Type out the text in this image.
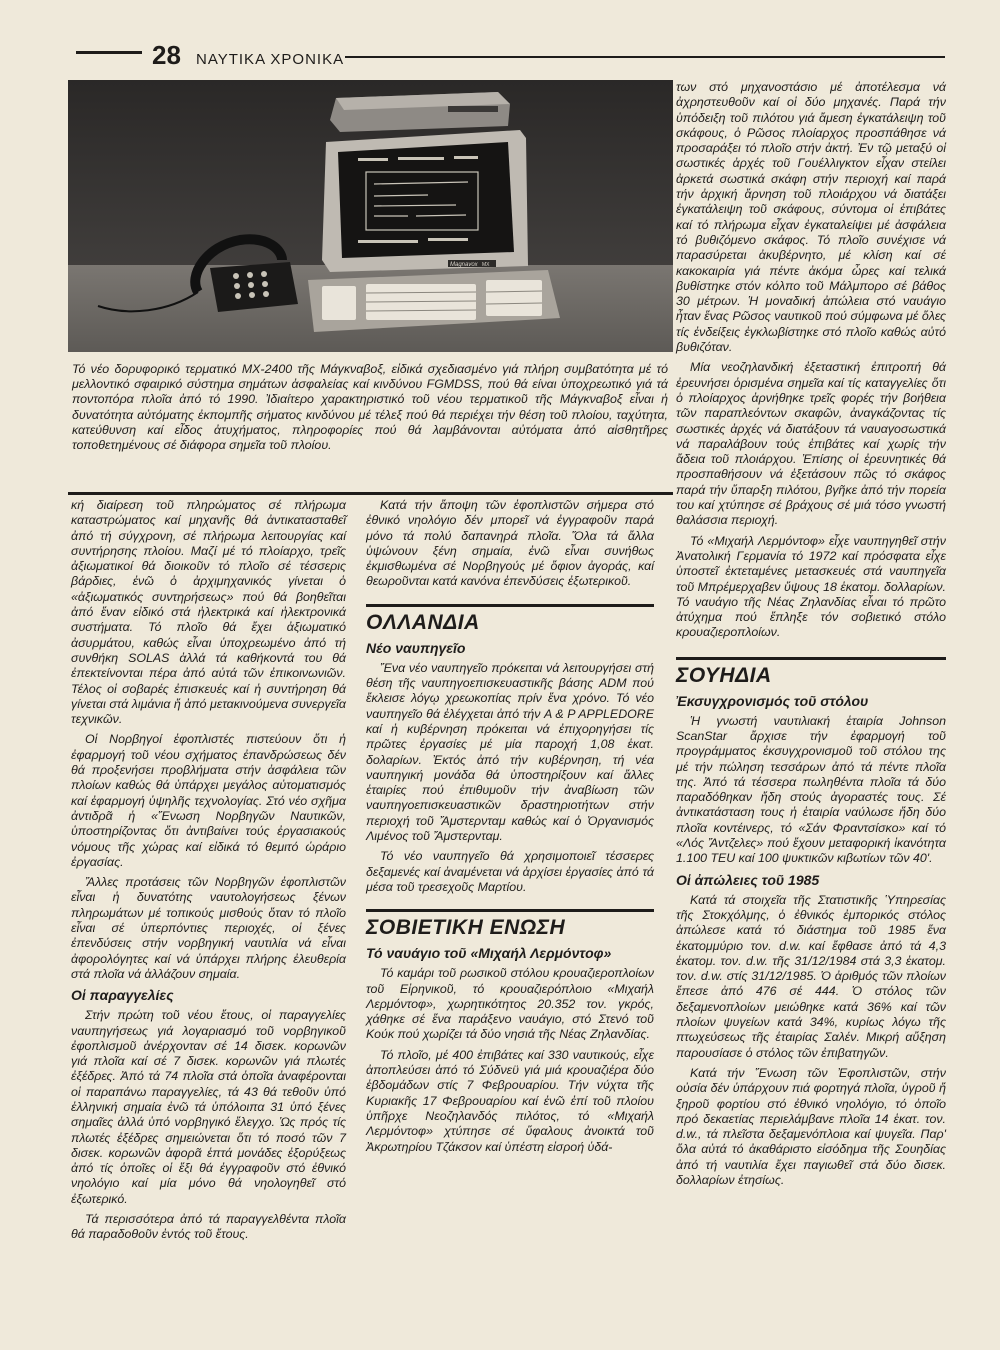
28 ΝΑΥΤΙΚΑ ΧΡΟΝΙΚΑ
Magnavox MX
Τό νέο δορυφορικό τερματικό MX-2400 τῆς Μάγκναβοξ, εἰδικά σχεδιασμένο γιά πλήρη συμβατότητα μέ τό μελλοντικό σφαιρικό σύστημα σημάτων ἀσφαλείας καί κινδύνου FGMDSS, πού θά είναι ὑποχρεωτικό γιά τά ποντοπόρα πλοῖα ἀπό τό 1990. Ἰδιαίτερο χαρακτηριστικό τοῦ νέου τερματικοῦ τῆς Μάγκναβοξ εἶναι ἡ δυνατότητα αὐτόματης ἐκπομπῆς σήματος κινδύνου μέ τέλεξ πού θά περιέχει τήν θέση τοῦ πλοίου, ταχύτητα, κατεύθυνση καί εἶδος ἀτυχήματος, πληροφορίες πού θά λαμβάνονται αὐτόματα ἀπό αἰσθητῆρες τοποθετημένους σέ διάφορα σημεῖα τοῦ πλοίου.

κή διαίρεση τοῦ πληρώματος σέ πλήρωμα καταστρώματος καί μηχανῆς θά ἀντικατασταθεῖ ἀπό τή σύγχρονη, σέ πλήρωμα λειτουργίας καί συντήρησης πλοίου. Μαζί μέ τό πλοίαρχο, τρεῖς ἀξιωματικοί θά διοικοῦν τό πλοῖο σέ τέσσερις βάρδιες, ἐνῶ ὁ ἀρχιμηχανικός γίνεται ὁ «ἀξιωματικός συντηρήσεως» πού θά βοηθεῖται ἀπό ἕναν εἰδικό στά ἠλεκτρικά καί ἠλεκτρονικά συστήματα. Τό πλοῖο θά ἔχει ἀξιωματικό ἀσυρμάτου, καθώς εἶναι ὑποχρεωμένο ἀπό τή συνθήκη SOLAS ἀλλά τά καθήκοντά του θά ἐπεκτείνονται πέρα ἀπό αὐτά τῶν ἐπικοινωνιῶν. Τέλος οἱ σοβαρές ἐπισκευές καί ἡ συντήρηση θά γίνεται στά λιμάνια ἤ ἀπό μετακινούμενα συνεργεῖα τεχνικῶν.

Οἱ Νορβηγοί ἐφοπλιστές πιστεύουν ὅτι ἡ ἐφαρμογή τοῦ νέου σχήματος ἐπανδρώσεως δέν θά προξενήσει προβλήματα στήν ἀσφάλεια τῶν πλοίων καθώς θά ὑπάρχει μεγάλος αὐτοματισμός καί ἐφαρμογή ὑψηλῆς τεχνολογίας. Στό νέο σχῆμα ἀντιδρᾶ ἡ «Ἕνωση Νορβηγῶν Ναυτικῶν, ὑποστηρίζοντας ὅτι ἀντιβαίνει τούς ἐργασιακούς νόμους τῆς χώρας καί εἰδικά τό θεμιτό ὡράριο ἐργασίας.

Ἄλλες προτάσεις τῶν Νορβηγῶν ἐφοπλιστῶν εἶναι ἡ δυνατότης ναυτολογήσεως ξένων πληρωμάτων μέ τοπικούς μισθούς ὅταν τό πλοῖο εἶναι σέ ὑπερπόντιες περιοχές, οἱ ξένες ἐπενδύσεις στήν νορβηγική ναυτιλία νά εἶναι ἀφορολόγητες καί νά ὑπάρχει πλήρης ἐλευθερία στά πλοῖα νά ἀλλάζουν σημαία.

Οἱ παραγγελίες

Στήν πρώτη τοῦ νέου ἔτους, οἱ παραγγελίες ναυπηγήσεως γιά λογαριασμό τοῦ νορβηγικοῦ ἐφοπλισμοῦ ἀνέρχονταν σέ 14 δισεκ. κορωνῶν γιά πλοῖα καί σέ 7 δισεκ. κορωνῶν γιά πλωτές ἐξέδρες. Ἀπό τά 74 πλοῖα στά ὁποῖα ἀναφέρονται οἱ παραπάνω παραγγελίες, τά 43 θά τεθοῦν ὑπό ἑλληνική σημαία ἐνῶ τά ὑπόλοιπα 31 ὑπό ξένες σημαῖες ἀλλά ὑπό νορβηγικό ἔλεγχο. Ὡς πρός τίς πλωτές ἐξέδρες σημειώνεται ὅτι τό ποσό τῶν 7 δισεκ. κορωνῶν ἀφορᾶ ἑπτά μονάδες ἐξορύξεως ἀπό τίς ὁποῖες οἱ ἕξι θά ἐγγραφοῦν στό ἐθνικό νηολόγιο καί μία μόνο θά νηολογηθεῖ στό ἐξωτερικό.

Τά περισσότερα ἀπό τά παραγγελθέντα πλοῖα θά παραδοθοῦν ἐντός τοῦ ἔτους.

Κατά τήν ἄποψη τῶν ἐφοπλιστῶν σήμερα στό ἐθνικό νηολόγιο δέν μπορεῖ νά ἐγγραφοῦν παρά μόνο τά πολύ δαπανηρά πλοῖα. Ὅλα τά ἄλλα ὑψώνουν ξένη σημαία, ἐνῶ εἶναι συνήθως ἐκμισθωμένα σέ Νορβηγούς μέ ὄφιον ἀγοράς, καί θεωροῦνται κατά κανόνα ἐπενδύσεις ἐξωτερικοῦ.

ΟΛΛΑΝΔΙΑ
Νέο ναυπηγεῖο

Ἕνα νέο ναυπηγεῖο πρόκειται νά λειτουργήσει στή θέση τῆς ναυπηγοεπισκευαστικῆς βάσης ADM πού ἔκλεισε λόγῳ χρεωκοπίας πρίν ἕνα χρόνο. Τό νέο ναυπηγεῖο θά ἐλέγχεται ἀπό τήν A & P APPLEDORE καί ἡ κυβέρνηση πρόκειται νά ἐπιχορηγήσει τίς πρῶτες ἐργασίες μέ μία παροχή 1,08 ἑκατ. δολαρίων. Ἐκτός ἀπό τήν κυβέρνηση, τή νέα ναυπηγική μονάδα θά ὑποστηρίξουν καί ἄλλες ἑταιρίες πού ἐπιθυμοῦν τήν ἀναβίωση τῶν ναυπηγοεπισκευαστικῶν δραστηριοτήτων στήν περιοχή τοῦ Ἄμστερνταμ καθώς καί ὁ Ὀργανισμός Λιμένος τοῦ Ἄμστερνταμ.

Τό νέο ναυπηγεῖο θά χρησιμοποιεῖ τέσσερες δεξαμενές καί ἀναμένεται νά ἀρχίσει ἐργασίες ἀπό τά μέσα τοῦ τρεσεχοῦς Μαρτίου.

ΣΟΒΙΕΤΙΚΗ ΕΝΩΣΗ
Τό ναυάγιο τοῦ «Μιχαήλ Λερμόντοφ»

Τό καμάρι τοῦ ρωσικοῦ στόλου κρουαζιεροπλοίων τοῦ Εἰρηνικοῦ, τό κρουαζιερόπλοιο «Μιχαήλ Λερμόντοφ», χωρητικότητος 20.352 τον. γκρός, χάθηκε σέ ἕνα παράξενο ναυάγιο, στό Στενό τοῦ Κούκ πού χωρίζει τά δύο νησιά τῆς Νέας Ζηλανδίας.

Τό πλοῖο, μέ 400 ἐπιβάτες καί 330 ναυτικούς, εἶχε ἀποπλεύσει ἀπό τό Σύδνεϋ γιά μιά κρουαζιέρα δύο ἑβδομάδων στίς 7 Φεβρουαρίου. Τήν νύχτα τῆς Κυριακῆς 17 Φεβρουαρίου καί ἐνῶ ἐπί τοῦ πλοίου ὑπῆρχε Νεοζηλανδός πιλότος, τό «Μιχαήλ Λερμόντοφ» χτύπησε σέ ὕφαλους ἀνοικτά τοῦ Ἀκρωτηρίου Τζάκσον καί ὑπέστη εἰσροή ὑδά-

των στό μηχανοστάσιο μέ ἀποτέλεσμα νά ἀχρηστευθοῦν καί οἱ δύο μηχανές. Παρά τήν ὑπόδειξη τοῦ πιλότου γιά ἄμεση ἐγκατάλειψη τοῦ σκάφους, ὁ Ρῶσος πλοίαρχος προσπάθησε νά προσαράξει τό πλοῖο στήν ἀκτή. Ἐν τῷ μεταξύ οἱ σωστικές ἀρχές τοῦ Γουέλλιγκτον εἶχαν στείλει ἀρκετά σωστικά σκάφη στήν περιοχή καί παρά τήν ἀρχική ἄρνηση τοῦ πλοιάρχου νά διατάξει ἐγκατάλειψη τοῦ σκάφους, σύντομα οἱ ἐπιβάτες καί τό πλήρωμα εἶχαν ἐγκαταλείψει μέ ἀσφάλεια τό βυθιζόμενο σκάφος. Τό πλοῖο συνέχισε νά παρασύρεται ἀκυβέρνητο, μέ κλίση καί σέ κακοκαιρία γιά πέντε ἀκόμα ὧρες καί τελικά βυθίστηκε στόν κόλπο τοῦ Μάλμπορο σέ βάθος 30 μέτρων. Ἡ μοναδική ἀπώλεια στό ναυάγιο ἦταν ἕνας Ρῶσος ναυτικοῦ πού σύμφωνα μέ ὅλες τίς ἐνδείξεις ἐγκλωβίστηκε στό πλοῖο καθώς αὐτό βυθιζόταν.

Μία νεοζηλανδική ἐξεταστική ἐπιτροπή θά ἐρευνήσει ὁρισμένα σημεῖα καί τίς καταγγελίες ὅτι ὁ πλοίαρχος ἀρνήθηκε τρεῖς φορές τήν βοήθεια τῶν παραπλεόντων σκαφῶν, ἀναγκάζοντας τίς σωστικές ἀρχές νά διατάξουν τά ναυαγοσωστικά νά παραλάβουν τούς ἐπιβάτες καί χωρίς τήν ἄδεια τοῦ πλοιάρχου. Ἐπίσης οἱ ἐρευνητικές θά προσπαθήσουν νά ἐξετάσουν πῶς τό σκάφος παρά τήν ὕπαρξη πιλότου, βγῆκε ἀπό τήν πορεία του καί χτύπησε σέ βράχους σέ μιά τόσο γνωστή θαλάσσια περιοχή.

Τό «Μιχαήλ Λερμόντοφ» εἶχε ναυπηγηθεῖ στήν Ἀνατολική Γερμανία τό 1972 καί πρόσφατα εἶχε ὑποστεῖ ἐκτεταμένες μετασκευές στά ναυπηγεῖα τοῦ Μπρέμερχαβεν ὕψους 18 ἑκατομ. δολλαρίων. Τό ναυάγιο τῆς Νέας Ζηλανδίας εἶναι τό πρῶτο ἀτύχημα πού ἔπληξε τόν σοβιετικό στόλο κρουαζιεροπλοίων.

ΣΟΥΗΔΙΑ
Ἐκσυγχρονισμός τοῦ στόλου

Ἡ γνωστή ναυτιλιακή ἑταιρία Johnson ScanStar ἄρχισε τήν ἐφαρμογή τοῦ προγράμματος ἐκσυγχρονισμοῦ τοῦ στόλου της μέ τήν πώληση τεσσάρων ἀπό τά πέντε πλοῖα της. Ἀπό τά τέσσερα πωληθέντα πλοῖα τά δύο παραδόθηκαν ἤδη στούς ἀγοραστές τους. Σέ ἀντικατάσταση τους ἡ ἑταιρία ναύλωσε ἤδη δύο πλοῖα κοντέινερς, τό «Σάν Φραντσίσκο» καί τό «Λός Ἄντζελες» πού ἔχουν μεταφορική ἱκανότητα 1.100 TEU καί 100 ψυκτικῶν κιβωτίων τῶν 40'.

Οἱ ἀπώλειες τοῦ 1985

Κατά τά στοιχεῖα τῆς Στατιστικῆς Ὑπηρεσίας τῆς Στοκχόλμης, ὁ ἐθνικός ἐμπορικός στόλος ἀπώλεσε κατά τό διάστημα τοῦ 1985 ἕνα ἑκατομμύριο τον. d.w. καί ἔφθασε ἀπό τά 4,3 ἑκατομ. τον. d.w. τῆς 31/12/1984 στά 3,3 ἑκατομ. τον. d.w. στίς 31/12/1985. Ὁ ἀριθμός τῶν πλοίων ἔπεσε ἀπό 476 σέ 444. Ὁ στόλος τῶν δεξαμενοπλοίων μειώθηκε κατά 36% καί τῶν πλοίων ψυγείων κατά 34%, κυρίως λόγω τῆς πτωχεύσεως τῆς ἑταιρίας Σαλέν. Μικρή αὔξηση παρουσίασε ὁ στόλος τῶν ἐπιβατηγῶν.

Κατά τήν Ἕνωση τῶν Ἐφοπλιστῶν, στήν οὐσία δέν ὑπάρχουν πιά φορτηγά πλοῖα, ὑγροῦ ἤ ξηροῦ φορτίου στό ἐθνικό νηολόγιο, τό ὁποῖο πρό δεκαετίας περιελάμβανε πλοῖα 14 ἑκατ. τον. d.w., τά πλεῖστα δεξαμενόπλοια καί ψυγεῖα. Παρ' ὅλα αὐτά τό ἀκαθάριστο εἰσόδημα τῆς Σουηδίας ἀπό τή ναυτιλία ἔχει παγιωθεῖ στά δύο δισεκ. δολλαρίων ἐτησίως.
